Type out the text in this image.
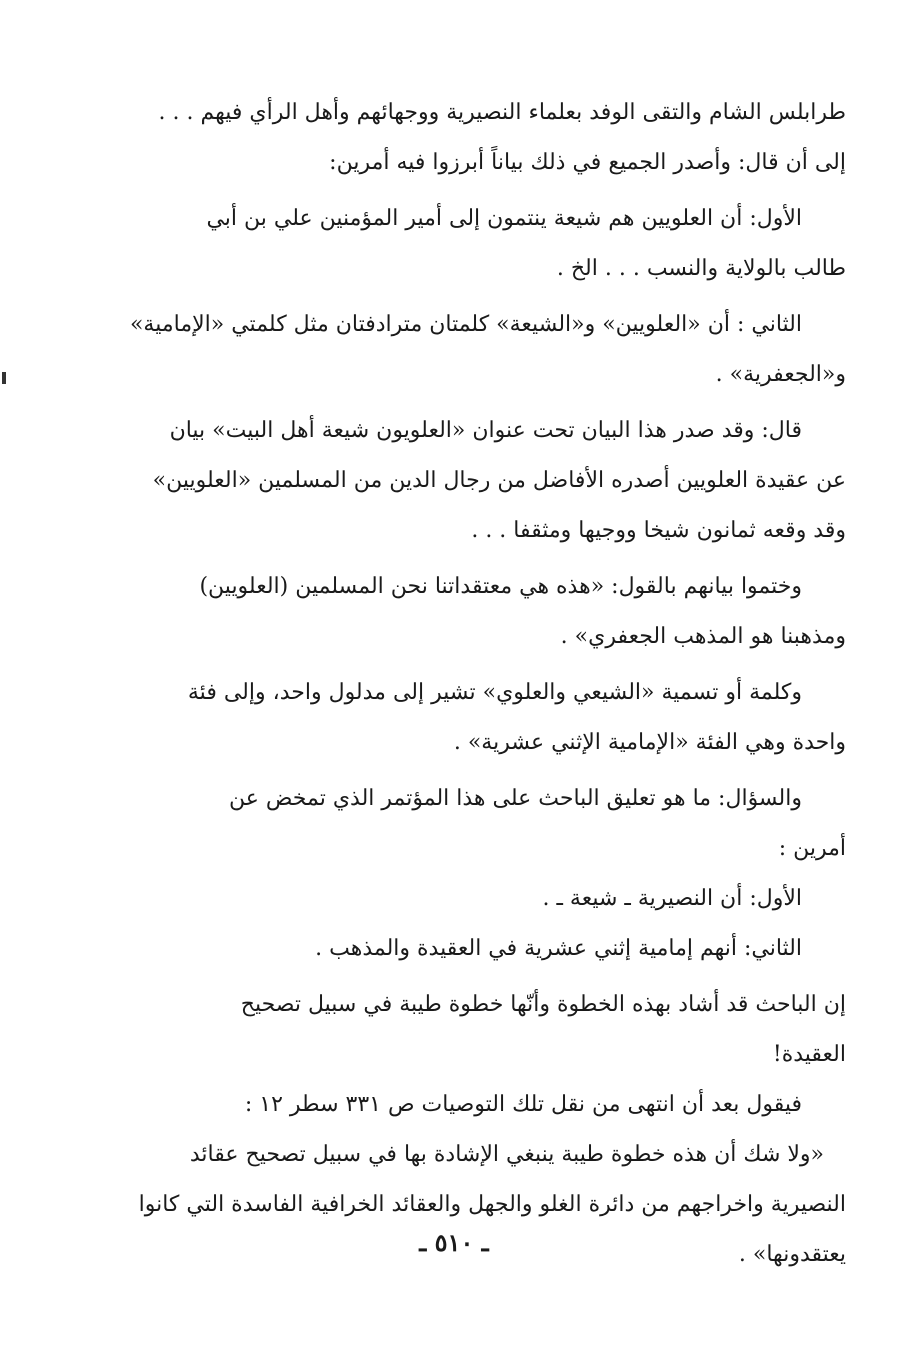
طرابلس الشام والتقى الوفد بعلماء النصيرية ووجهائهم وأهل الرأي فيهم . . .
إلى أن قال: وأصدر الجميع في ذلك بياناً أبرزوا فيه أمرين:
الأول: أن العلويين هم شيعة ينتمون إلى أمير المؤمنين علي بن أبي
طالب بالولاية والنسب . . . الخ .
الثاني : أن «العلويين» و«الشيعة» كلمتان مترادفتان مثل كلمتي «الإمامية»
و«الجعفرية» .
قال: وقد صدر هذا البيان تحت عنوان «العلويون شيعة أهل البيت» بيان
عن عقيدة العلويين أصدره الأفاضل من رجال الدين من المسلمين «العلويين»
وقد وقعه ثمانون شيخا ووجيها ومثقفا . . .
وختموا بيانهم بالقول: «هذه هي معتقداتنا نحن المسلمين (العلويين)
ومذهبنا هو المذهب الجعفري» .
وكلمة أو تسمية «الشيعي والعلوي» تشير إلى مدلول واحد، وإلى فئة
واحدة وهي الفئة «الإمامية الإثني عشرية» .
والسؤال: ما هو تعليق الباحث على هذا المؤتمر الذي تمخض عن
أمرين :
الأول: أن النصيرية ـ شيعة ـ .
الثاني: أنهم إمامية إثني عشرية في العقيدة والمذهب .
إن الباحث قد أشاد بهذه الخطوة وأنّها خطوة طيبة في سبيل تصحيح
العقيدة!
فيقول بعد أن انتهى من نقل تلك التوصيات ص ٣٣١ سطر ١٢ :
«ولا شك أن هذه خطوة طيبة ينبغي الإشادة بها في سبيل تصحيح عقائد
النصيرية واخراجهم من دائرة الغلو والجهل والعقائد الخرافية الفاسدة التي كانوا
يعتقدونها» .
ـ ٥١٠ ـ
